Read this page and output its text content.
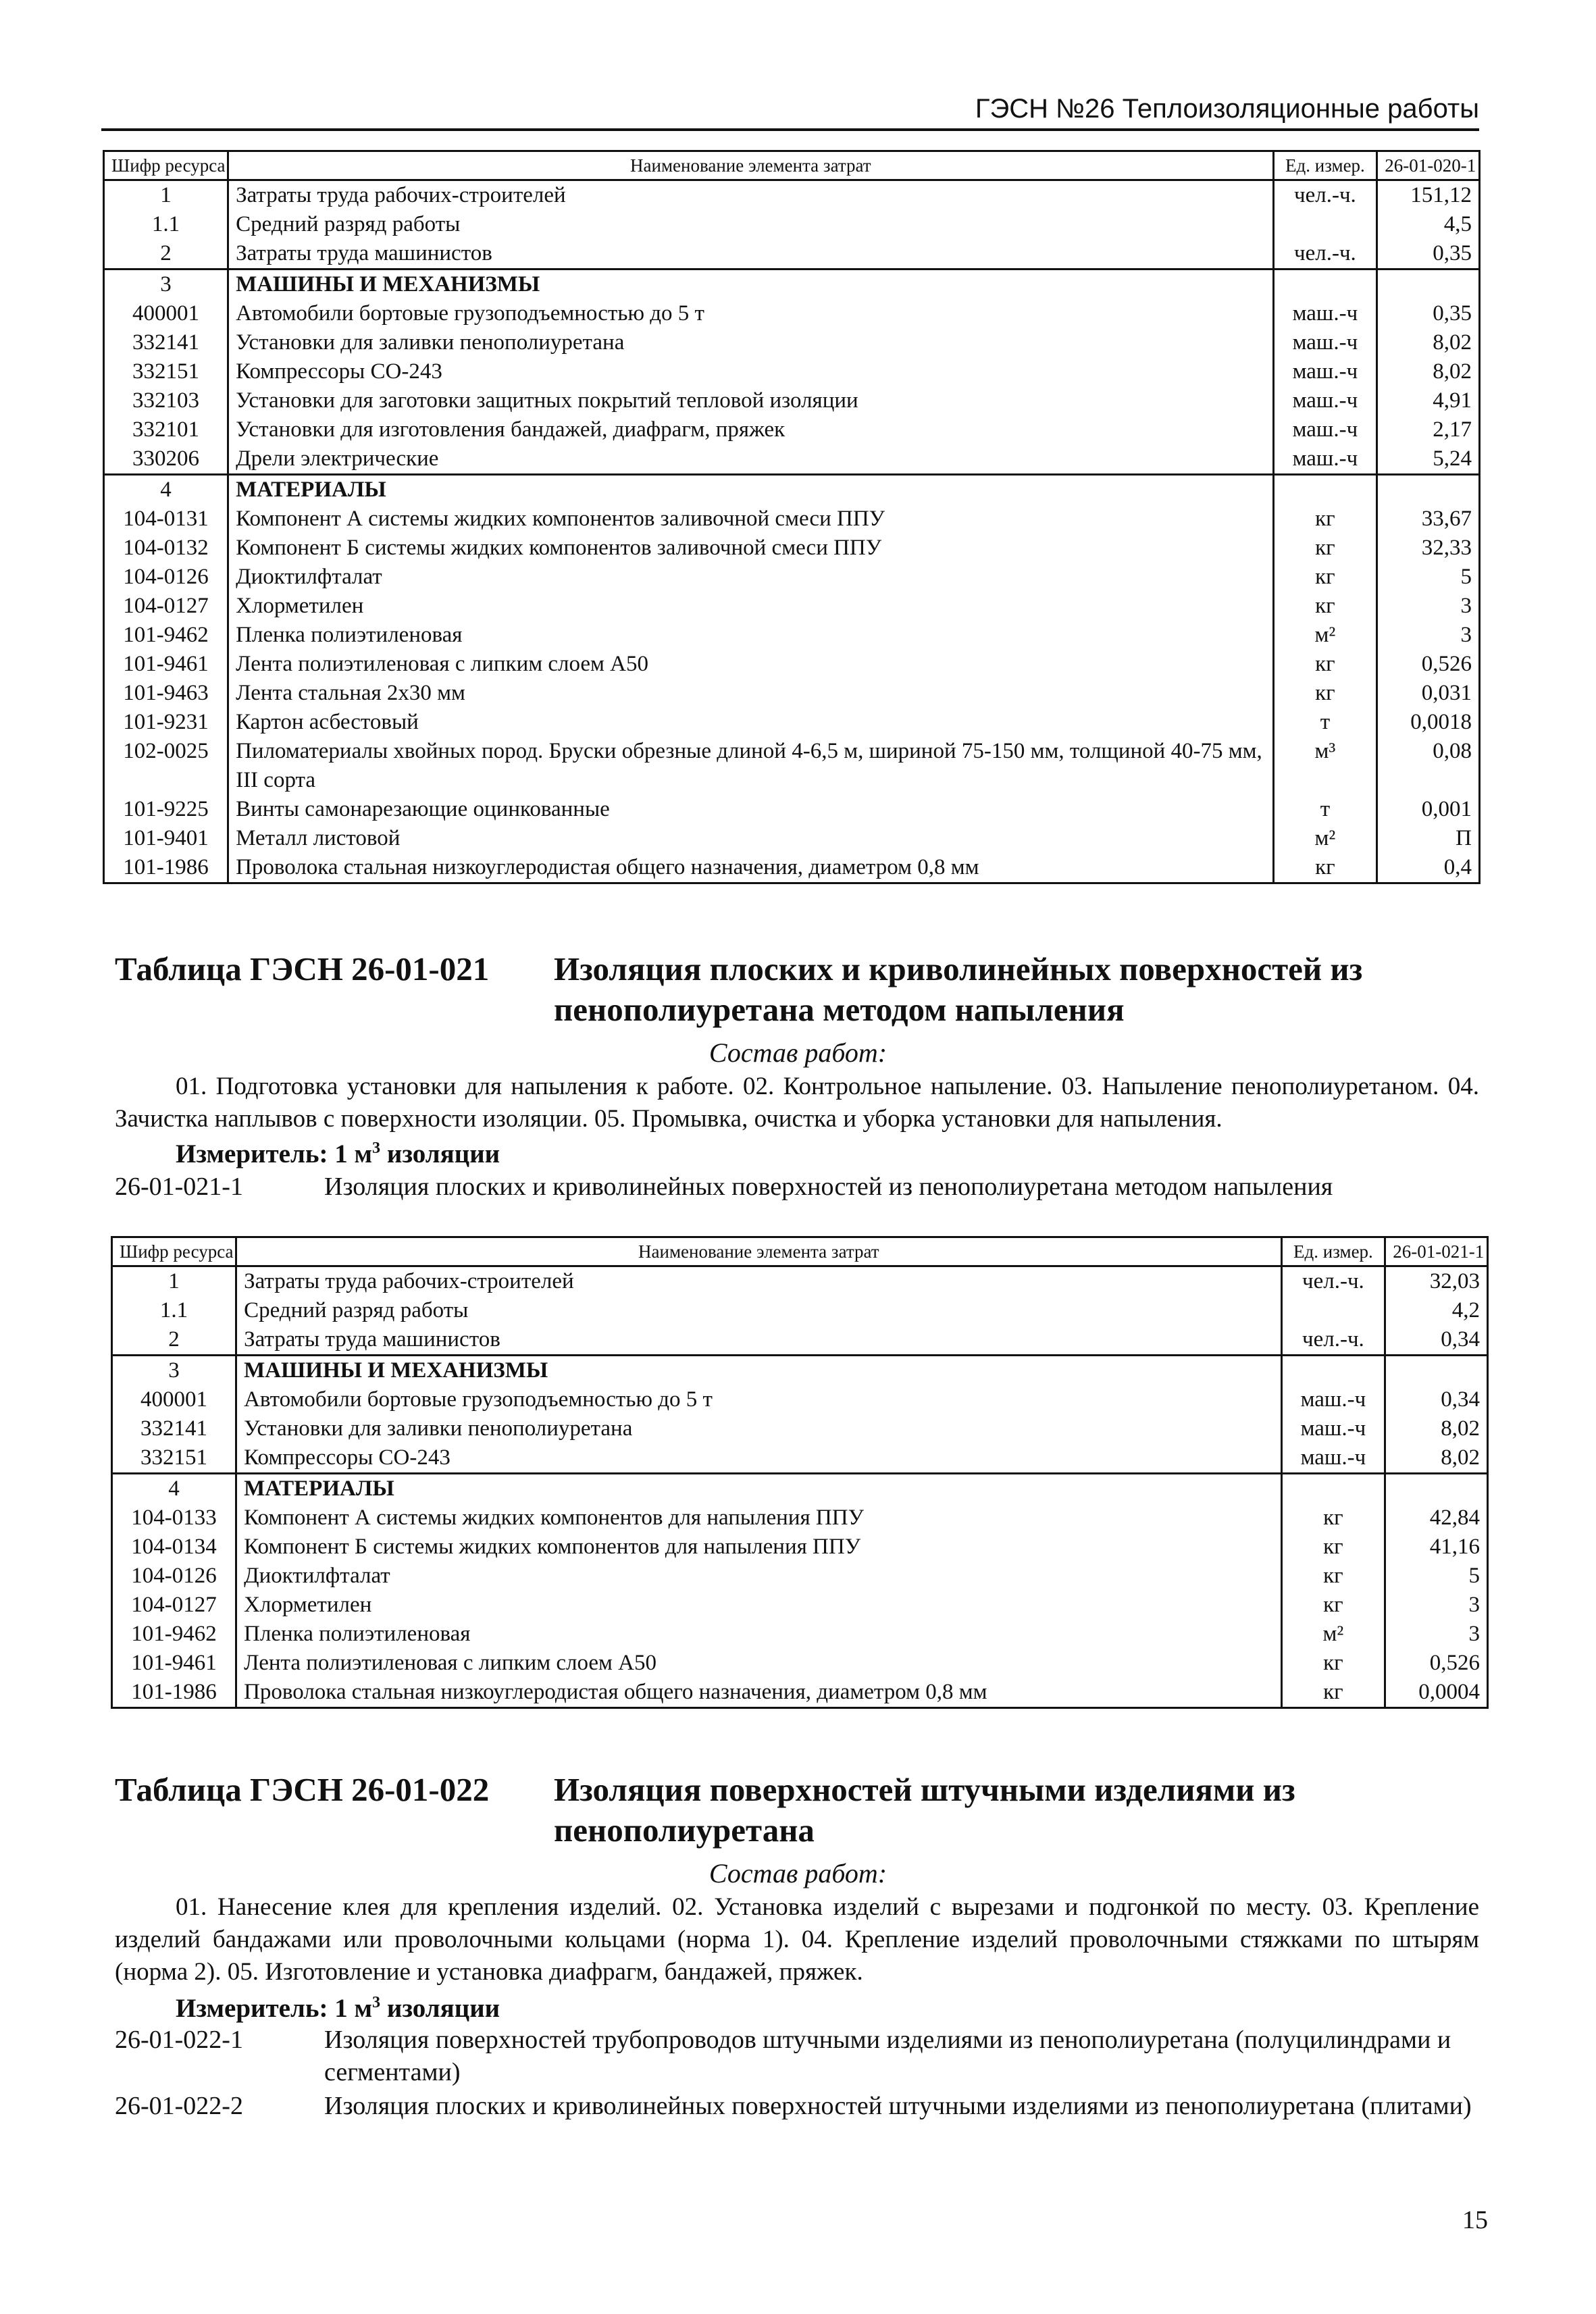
ГЭСН №26 Теплоизоляционные работы
Шифр ресурса	Наименование элемента затрат	Ед. измер.	26-01-020-1
1	Затраты труда рабочих-строителей	чел.-ч.	151,12
1.1	Средний разряд работы		4,5
2	Затраты труда машинистов	чел.-ч.	0,35
3	МАШИНЫ И МЕХАНИЗМЫ		
400001	Автомобили бортовые грузоподъемностью до 5 т	маш.-ч	0,35
332141	Установки для заливки пенополиуретана	маш.-ч	8,02
332151	Компрессоры СО-243	маш.-ч	8,02
332103	Установки для заготовки защитных покрытий тепловой изоляции	маш.-ч	4,91
332101	Установки для изготовления бандажей, диафрагм, пряжек	маш.-ч	2,17
330206	Дрели электрические	маш.-ч	5,24
4	МАТЕРИАЛЫ		
104-0131	Компонент А системы жидких компонентов заливочной смеси ППУ	кг	33,67
104-0132	Компонент Б системы жидких компонентов заливочной смеси ППУ	кг	32,33
104-0126	Диоктилфталат	кг	5
104-0127	Хлорметилен	кг	3
101-9462	Пленка полиэтиленовая	м²	3
101-9461	Лента полиэтиленовая с липким слоем А50	кг	0,526
101-9463	Лента стальная 2х30 мм	кг	0,031
101-9231	Картон асбестовый	т	0,0018
102-0025	Пиломатериалы хвойных пород. Бруски обрезные длиной 4-6,5 м, шириной 75-150 мм, толщиной 40-75 мм, III сорта	м³	0,08
101-9225	Винты самонарезающие оцинкованные	т	0,001
101-9401	Металл листовой	м²	П
101-1986	Проволока стальная низкоуглеродистая общего назначения, диаметром 0,8 мм	кг	0,4
Таблица ГЭСН 26-01-021 Изоляция плоских и криволинейных поверхностей из пенополиуретана методом напыления
Состав работ:
01. Подготовка установки для напыления к работе. 02. Контрольное напыление. 03. Напыление пенополиуретаном. 04. Зачистка наплывов с поверхности изоляции. 05. Промывка, очистка и уборка установки для напыления.
Измеритель: 1 $м^3$ изоляции
26-01-021-1	Изоляция плоских и криволинейных поверхностей из пенополиуретана методом напыления
Шифр ресурса	Наименование элемента затрат	Ед. измер.	26-01-021-1
1	Затраты труда рабочих-строителей	чел.-ч.	32,03
1.1	Средний разряд работы		4,2
2	Затраты труда машинистов	чел.-ч.	0,34
3	МАШИНЫ И МЕХАНИЗМЫ		
400001	Автомобили бортовые грузоподъемностью до 5 т	маш.-ч	0,34
332141	Установки для заливки пенополиуретана	маш.-ч	8,02
332151	Компрессоры СО-243	маш.-ч	8,02
4	МАТЕРИАЛЫ		
104-0133	Компонент А системы жидких компонентов для напыления ППУ	кг	42,84
104-0134	Компонент Б системы жидких компонентов для напыления ППУ	кг	41,16
104-0126	Диоктилфталат	кг	5
104-0127	Хлорметилен	кг	3
101-9462	Пленка полиэтиленовая	м²	3
101-9461	Лента полиэтиленовая с липким слоем А50	кг	0,526
101-1986	Проволока стальная низкоуглеродистая общего назначения, диаметром 0,8 мм	кг	0,0004
Таблица ГЭСН 26-01-022 Изоляция поверхностей штучными изделиями из пенополиуретана
Состав работ:
01. Нанесение клея для крепления изделий. 02. Установка изделий с вырезами и подгонкой по месту. 03. Крепление изделий бандажами или проволочными кольцами (норма 1). 04. Крепление изделий проволочными стяжками по штырям (норма 2). 05. Изготовление и установка диафрагм, бандажей, пряжек.
Измеритель: 1 $м^3$ изоляции
26-01-022-1	Изоляция поверхностей трубопроводов штучными изделиями из пенополиуретана (полуцилиндрами и сегментами)
26-01-022-2	Изоляция плоских и криволинейных поверхностей штучными изделиями из пенополиуретана (плитами)
15
